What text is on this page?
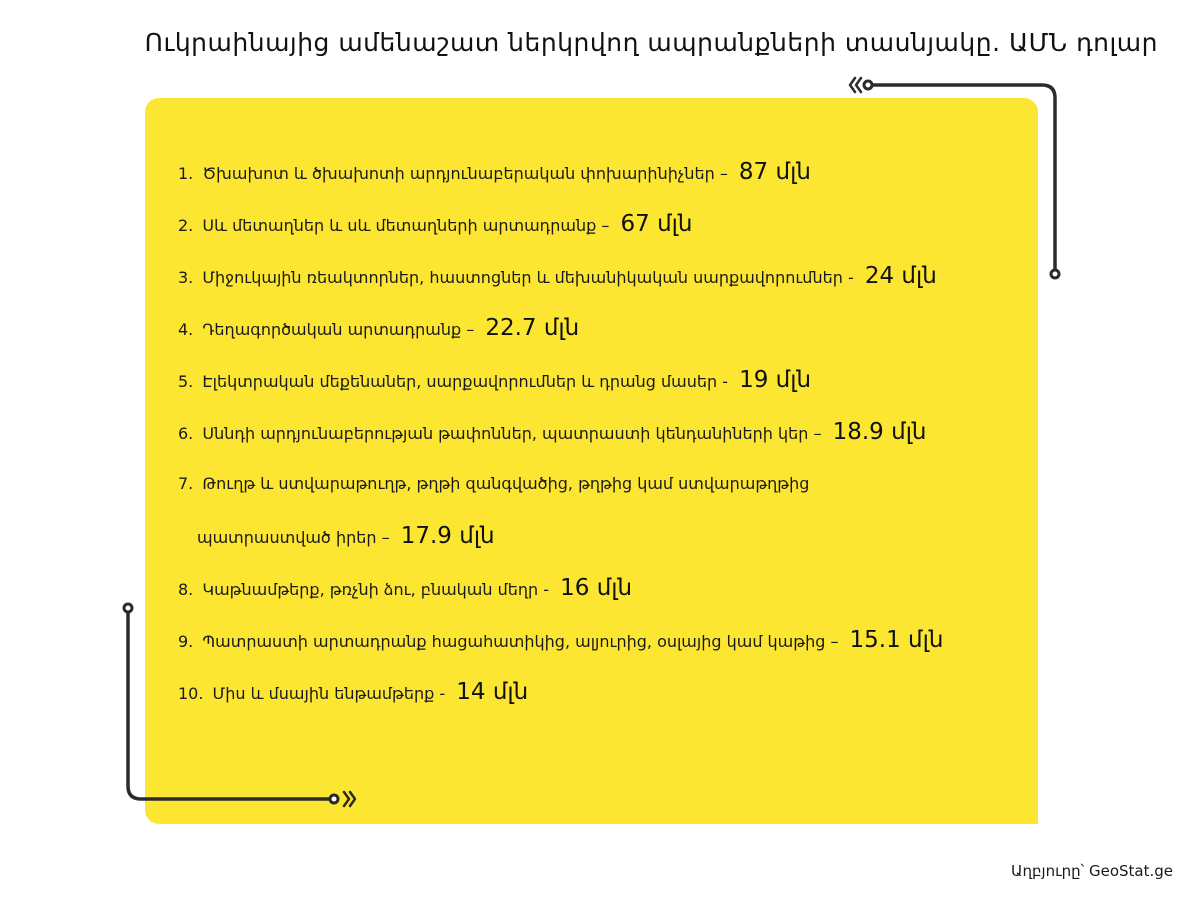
Ուկրաինայից ամենաշատ ներկրվող ապրանքների տասնյակը. ԱՄՆ դոլար
1. Ծխախոտ և ծխախոտի արդյունաբերական փոխարինիչներ – 87 մլն
2. Սև մետաղներ և սև մետաղների արտադրանք – 67 մլն
3. Միջուկային ռեակտորներ, հաստոցներ և մեխանիկական սարքավորումներ - 24 մլն
4. Դեղագործական արտադրանք – 22.7 մլն
5. Էլեկտրական մեքենաներ, սարքավորումներ և դրանց մասեր - 19 մլն
6. Սննդի արդյունաբերության թափոններ, պատրաստի կենդանիների կեր – 18.9 մլն
7. Թուղթ և ստվարաթուղթ, թղթի զանգվածից, թղթից կամ ստվարաթղթից
պատրաստված իրեր – 17.9 մլն
8. Կաթնամթերք, թռչնի ձու, բնական մեղր - 16 մլն
9. Պատրաստի արտադրանք հացահատիկից, ալյուրից, օսլայից կամ կաթից – 15.1 մլն
10. Միս և մսային ենթամթերք - 14 մլն
Աղբյուրը՝ GeoStat.ge
